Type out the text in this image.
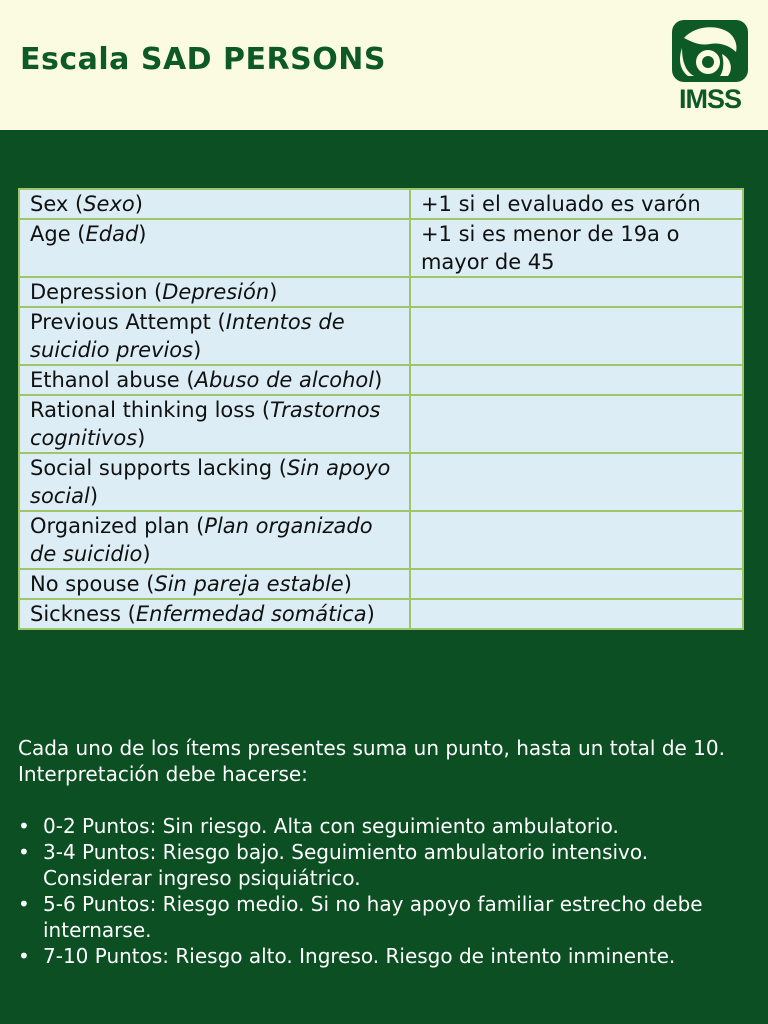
Escala SAD PERSONS
IMSS
Sex (Sexo)	+1 si el evaluado es varón
Age (Edad)	+1 si es menor de 19a o mayor de 45
Depression (Depresión)	
Previous Attempt (Intentos de suicidio previos)	
Ethanol abuse (Abuso de alcohol)	
Rational thinking loss (Trastornos cognitivos)	
Social supports lacking (Sin apoyo social)	
Organized plan (Plan organizado de suicidio)	
No spouse (Sin pareja estable)	
Sickness (Enfermedad somática)	

Cada uno de los ítems presentes suma un punto, hasta un total de 10. Interpretación debe hacerse:

• 0-2 Puntos: Sin riesgo. Alta con seguimiento ambulatorio.
• 3-4 Puntos: Riesgo bajo. Seguimiento ambulatorio intensivo. Considerar ingreso psiquiátrico.
• 5-6 Puntos: Riesgo medio. Si no hay apoyo familiar estrecho debe internarse.
• 7-10 Puntos: Riesgo alto. Ingreso. Riesgo de intento inminente.
